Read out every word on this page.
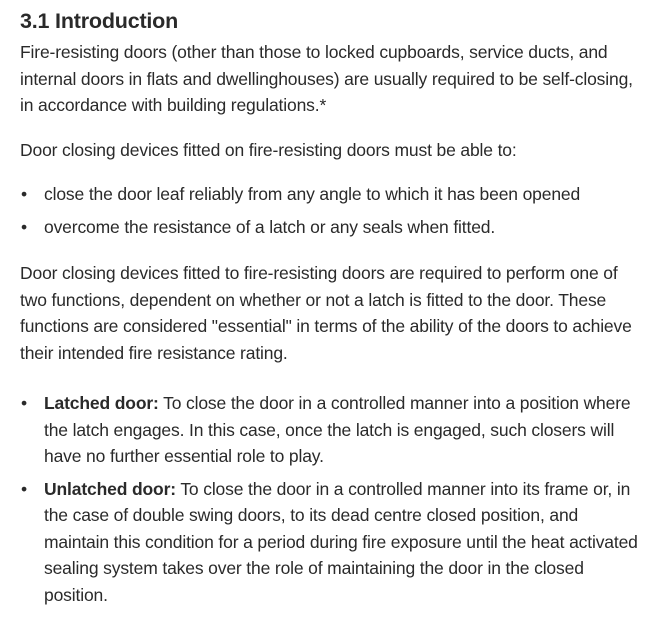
3.1 Introduction

Fire-resisting doors (other than those to locked cupboards, service ducts, and internal doors in flats and dwellinghouses) are usually required to be self-closing, in accordance with building regulations.*

Door closing devices fitted on fire-resisting doors must be able to:

• close the door leaf reliably from any angle to which it has been opened
• overcome the resistance of a latch or any seals when fitted.

Door closing devices fitted to fire-resisting doors are required to perform one of two functions, dependent on whether or not a latch is fitted to the door. These functions are considered "essential" in terms of the ability of the doors to achieve their intended fire resistance rating.

• Latched door: To close the door in a controlled manner into a position where the latch engages. In this case, once the latch is engaged, such closers will have no further essential role to play.
• Unlatched door: To close the door in a controlled manner into its frame or, in the case of double swing doors, to its dead centre closed position, and maintain this condition for a period during fire exposure until the heat activated sealing system takes over the role of maintaining the door in the closed position.
